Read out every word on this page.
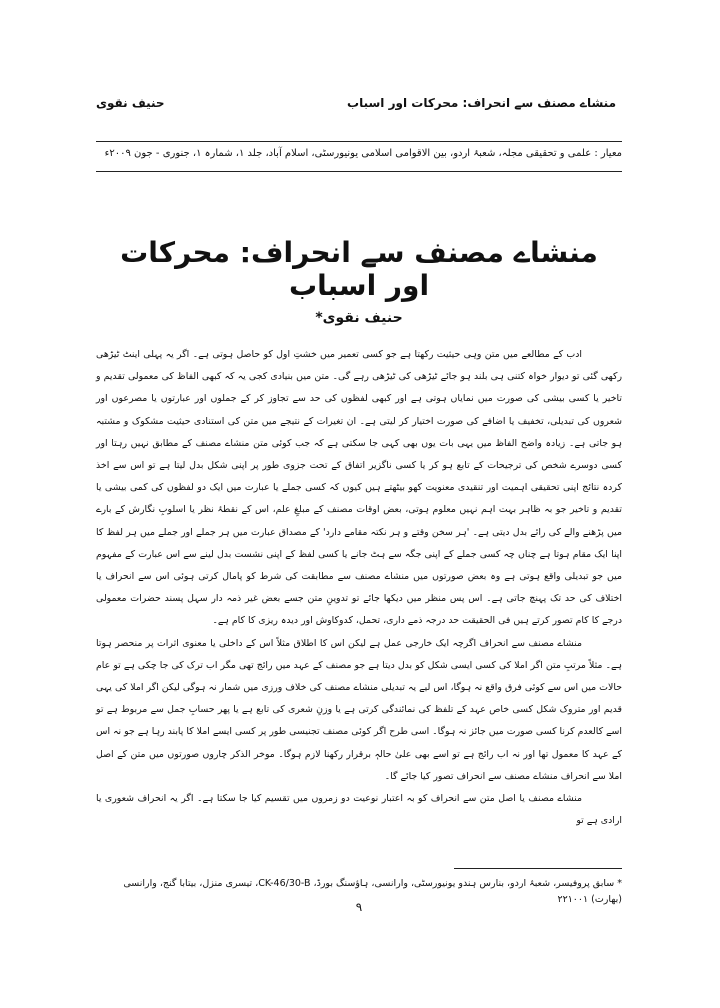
حنیف نقوی	منشاے مصنف سے انحراف: محرکات اور اسباب
معیار : علمی و تحقیقی مجلہ، شعبۂ اردو، بین الاقوامی اسلامی یونیورسٹی، اسلام آباد، جلد ۱، شمارہ ۱، جنوری - جون ۲۰۰۹ء
منشاے مصنف سے انحراف: محرکات اور اسباب
حنیف نقوی*

ادب کے مطالعے میں متن وہی حیثیت رکھتا ہے جو کسی تعمیر میں خشتِ اول کو حاصل ہوتی ہے۔ اگر یہ پہلی اینٹ ٹیڑھی رکھی گئی تو دیوار خواہ کتنی ہی بلند ہو جائے ٹیڑھی کی ٹیڑھی رہے گی۔ متن میں بنیادی کجی یہ کہ کبھی الفاظ کی معمولی تقدیم و تاخیر یا کسی بیشی کی صورت میں نمایاں ہوتی ہے اور کبھی لفظوں کی حد سے تجاوز کر کے جملوں اور عبارتوں یا مصرعوں اور شعروں کی تبدیلی، تخفیف یا اضافے کی صورت اختیار کر لیتی ہے۔ ان تغیرات کے نتیجے میں متن کی استنادی حیثیت مشکوک و مشتبہ ہو جاتی ہے۔ زیادہ واضح الفاظ میں یہی بات یوں بھی کہی جا سکتی ہے کہ جب کوئی متن منشاے مصنف کے مطابق نہیں رہتا اور کسی دوسرے شخص کی ترجیحات کے تابع ہو کر یا کسی ناگزیر اتفاق کے تحت جزوی طور پر اپنی شکل بدل لیتا ہے تو اس سے اخذ کردہ نتائج اپنی تحقیقی اہمیت اور تنقیدی معنویت کھو بیٹھتے ہیں کیوں کہ کسی جملے یا عبارت میں ایک دو لفظوں کی کمی بیشی یا تقدیم و تاخیر جو بہ ظاہر بہت اہم نہیں معلوم ہوتی، بعض اوقات مصنف کے مبلغِ علم، اس کے نقطۂ نظر یا اسلوبِ نگارش کے بارے میں پڑھنے والے کی رائے بدل دیتی ہے۔ 'ہر سخن وقتے و ہر نکتہ مقامے دارد' کے مصداق عبارت میں ہر جملے اور جملے میں ہر لفظ کا اپنا ایک مقام ہوتا ہے چناں چہ کسی جملے کے اپنی جگہ سے ہٹ جانے یا کسی لفظ کے اپنی نشست بدل لینے سے اس عبارت کے مفہوم میں جو تبدیلی واقع ہوتی ہے وہ بعض صورتوں میں منشاے مصنف سے مطابقت کی شرط کو پامال کرتی ہوئی اس سے انحراف یا اختلاف کی حد تک پہنچ جاتی ہے۔ اس پس منظر میں دیکھا جائے تو تدوینِ متن جسے بعض غیر ذمہ دار سہل پسند حضرات معمولی درجے کا کام تصور کرتے ہیں فی الحقیقت حد درجہ ذمے داری، تحمل، کدوکاوش اور دیدہ ریزی کا کام ہے۔

منشاے مصنف سے انحراف اگرچہ ایک خارجی عمل ہے لیکن اس کا اطلاق مثلاً اس کے داخلی یا معنوی اثرات پر منحصر ہوتا ہے۔ مثلاً مرتبِ متن اگر املا کی کسی ایسی شکل کو بدل دیتا ہے جو مصنف کے عہد میں رائج تھی مگر اب ترک کی جا چکی ہے تو عام حالات میں اس سے کوئی فرق واقع نہ ہوگا، اس لیے یہ تبدیلی منشاے مصنف کی خلاف ورزی میں شمار نہ ہوگی لیکن اگر املا کی یہی قدیم اور متروک شکل کسی خاص عہد کے تلفظ کی نمائندگی کرتی ہے یا وزنِ شعری کی تابع ہے یا پھر حسابِ جمل سے مربوط ہے تو اسے کالعدم کرنا کسی صورت میں جائز نہ ہوگا۔ اسی طرح اگر کوئی مصنف تجنیسی طور پر کسی ایسے املا کا پابند رہا ہے جو نہ اس کے عہد کا معمول تھا اور نہ اب رائج ہے تو اسے بھی علیٰ حالہٖ برقرار رکھنا لازم ہوگا۔ موخر الذکر چاروں صورتوں میں متن کے اصل املا سے انحراف منشاے مصنف سے انحراف تصور کیا جائے گا۔

منشاے مصنف یا اصل متن سے انحراف کو بہ اعتبار نوعیت دو زمروں میں تقسیم کیا جا سکتا ہے۔ اگر یہ انحراف شعوری یا ارادی ہے تو

* سابق پروفیسر، شعبۂ اردو، بنارس ہندو یونیورسٹی، وارانسی، ہاؤسنگ بورڈ، CK-46/30-B، تیسری منزل، بیتابا گنج، وارانسی (بھارت) ۲۲۱۰۰۱
۹
